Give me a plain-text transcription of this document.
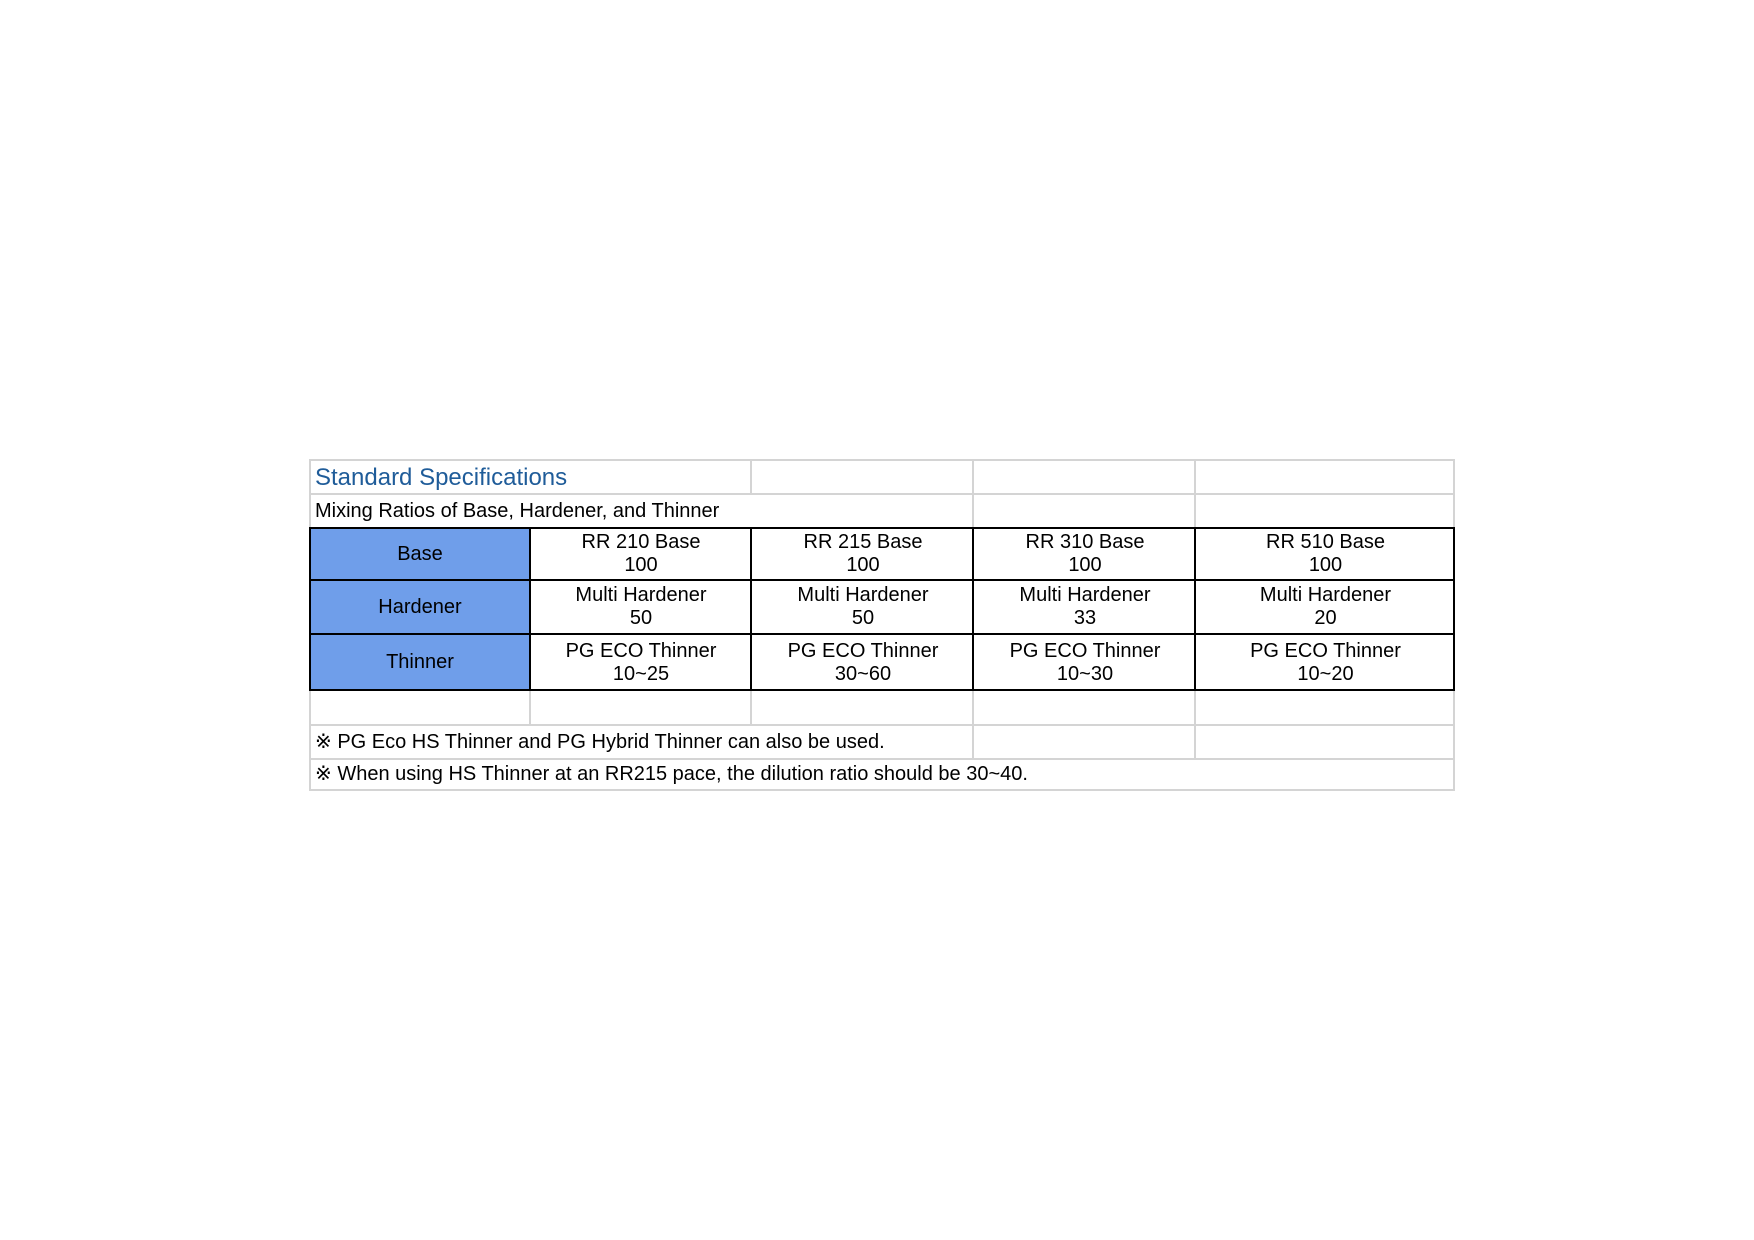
Standard Specifications
Mixing Ratios of Base, Hardener, and Thinner
Base
Hardener
Thinner
RR 210 Base
100
RR 215 Base
100
RR 310 Base
100
RR 510 Base
100
Multi Hardener
50
Multi Hardener
50
Multi Hardener
33
Multi Hardener
20
PG ECO Thinner
10~25
PG ECO Thinner
30~60
PG ECO Thinner
10~30
PG ECO Thinner
10~20
※ PG Eco HS Thinner and PG Hybrid Thinner can also be used.
※ When using HS Thinner at an RR215 pace, the dilution ratio should be 30~40.
